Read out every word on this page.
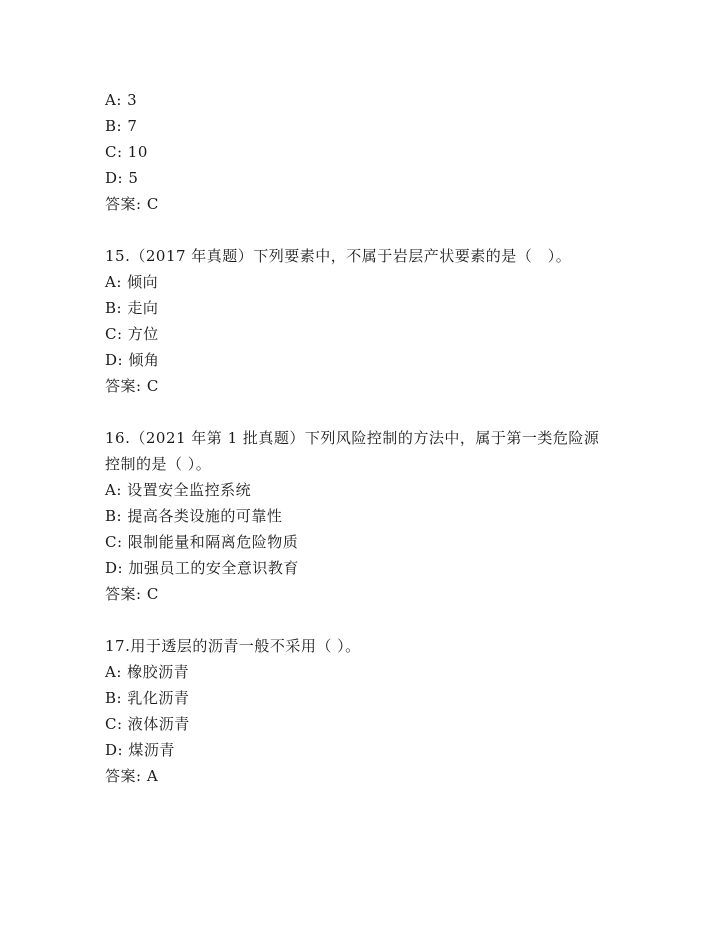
A: 3
B: 7
C: 10
D: 5
答案: C
15.（2017 年真题）下列要素中，不属于岩层产状要素的是（　）。
A: 倾向
B: 走向
C: 方位
D: 倾角
答案: C
16.（2021 年第 1 批真题）下列风险控制的方法中，属于第一类危险源
控制的是（ ）。
A: 设置安全监控系统
B: 提高各类设施的可靠性
C: 限制能量和隔离危险物质
D: 加强员工的安全意识教育
答案: C
17.用于透层的沥青一般不采用（ ）。
A: 橡胶沥青
B: 乳化沥青
C: 液体沥青
D: 煤沥青
答案: A
